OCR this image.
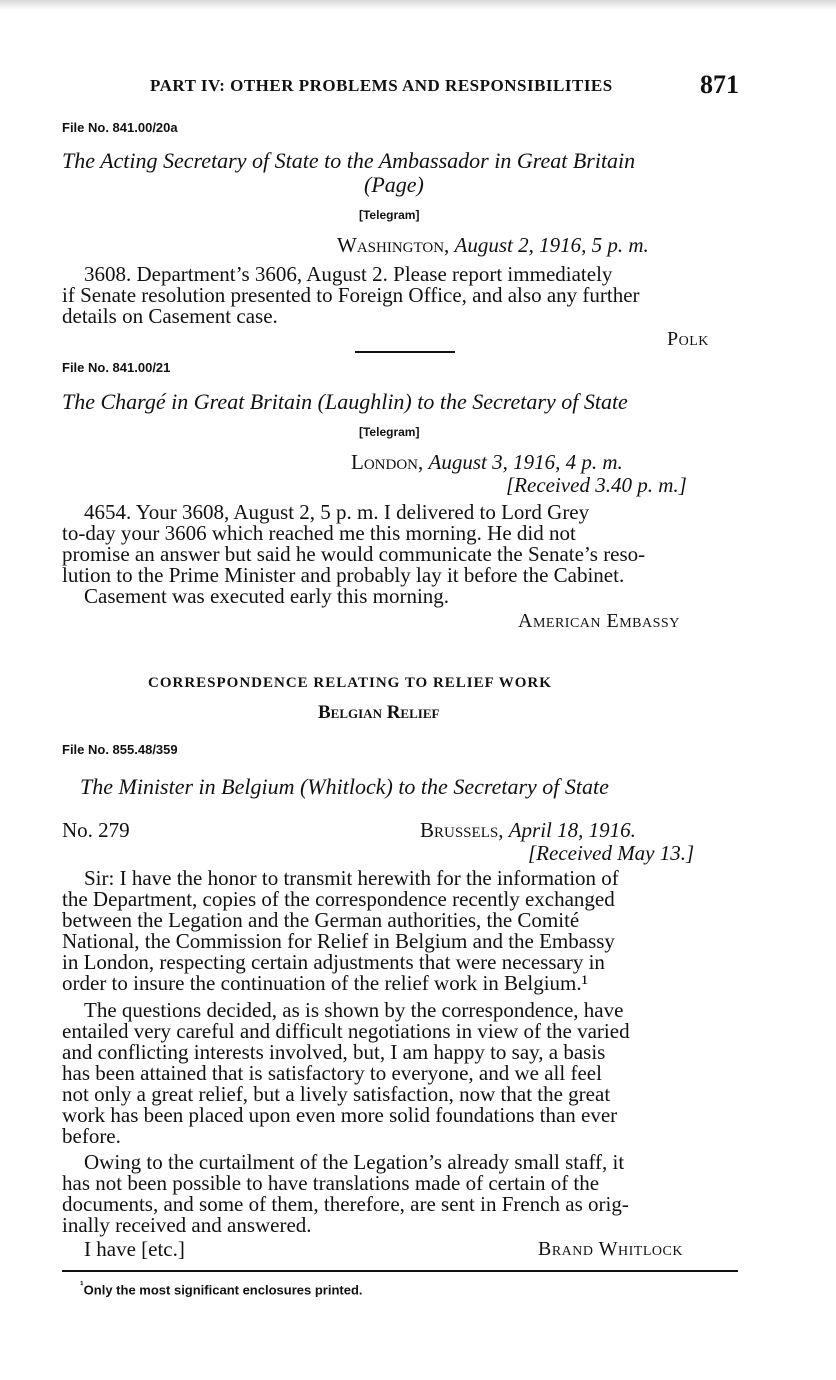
PART IV: OTHER PROBLEMS AND RESPONSIBILITIES	871
File No. 841.00/20a
The Acting Secretary of State to the Ambassador in Great Britain
(Page)
[Telegram]
Washington, August 2, 1916, 5 p. m.
3608. Department’s 3606, August 2. Please report immediately
if Senate resolution presented to Foreign Office, and also any further
details on Casement case.
Polk
File No. 841.00/21
The Chargé in Great Britain (Laughlin) to the Secretary of State
[Telegram]
London, August 3, 1916, 4 p. m.
[Received 3.40 p. m.]
4654. Your 3608, August 2, 5 p. m. I delivered to Lord Grey
to-day your 3606 which reached me this morning. He did not
promise an answer but said he would communicate the Senate’s reso-
lution to the Prime Minister and probably lay it before the Cabinet.
Casement was executed early this morning.
American Embassy
CORRESPONDENCE RELATING TO RELIEF WORK
Belgian Relief
File No. 855.48/359
The Minister in Belgium (Whitlock) to the Secretary of State
No. 279	Brussels, April 18, 1916.
[Received May 13.]
Sir: I have the honor to transmit herewith for the information of
the Department, copies of the correspondence recently exchanged
between the Legation and the German authorities, the Comité
National, the Commission for Relief in Belgium and the Embassy
in London, respecting certain adjustments that were necessary in
order to insure the continuation of the relief work in Belgium.¹
The questions decided, as is shown by the correspondence, have
entailed very careful and difficult negotiations in view of the varied
and conflicting interests involved, but, I am happy to say, a basis
has been attained that is satisfactory to everyone, and we all feel
not only a great relief, but a lively satisfaction, now that the great
work has been placed upon even more solid foundations than ever
before.
Owing to the curtailment of the Legation’s already small staff, it
has not been possible to have translations made of certain of the
documents, and some of them, therefore, are sent in French as orig-
inally received and answered.
I have [etc.]	Brand Whitlock
$^{^1}$Only the most significant enclosures printed.
